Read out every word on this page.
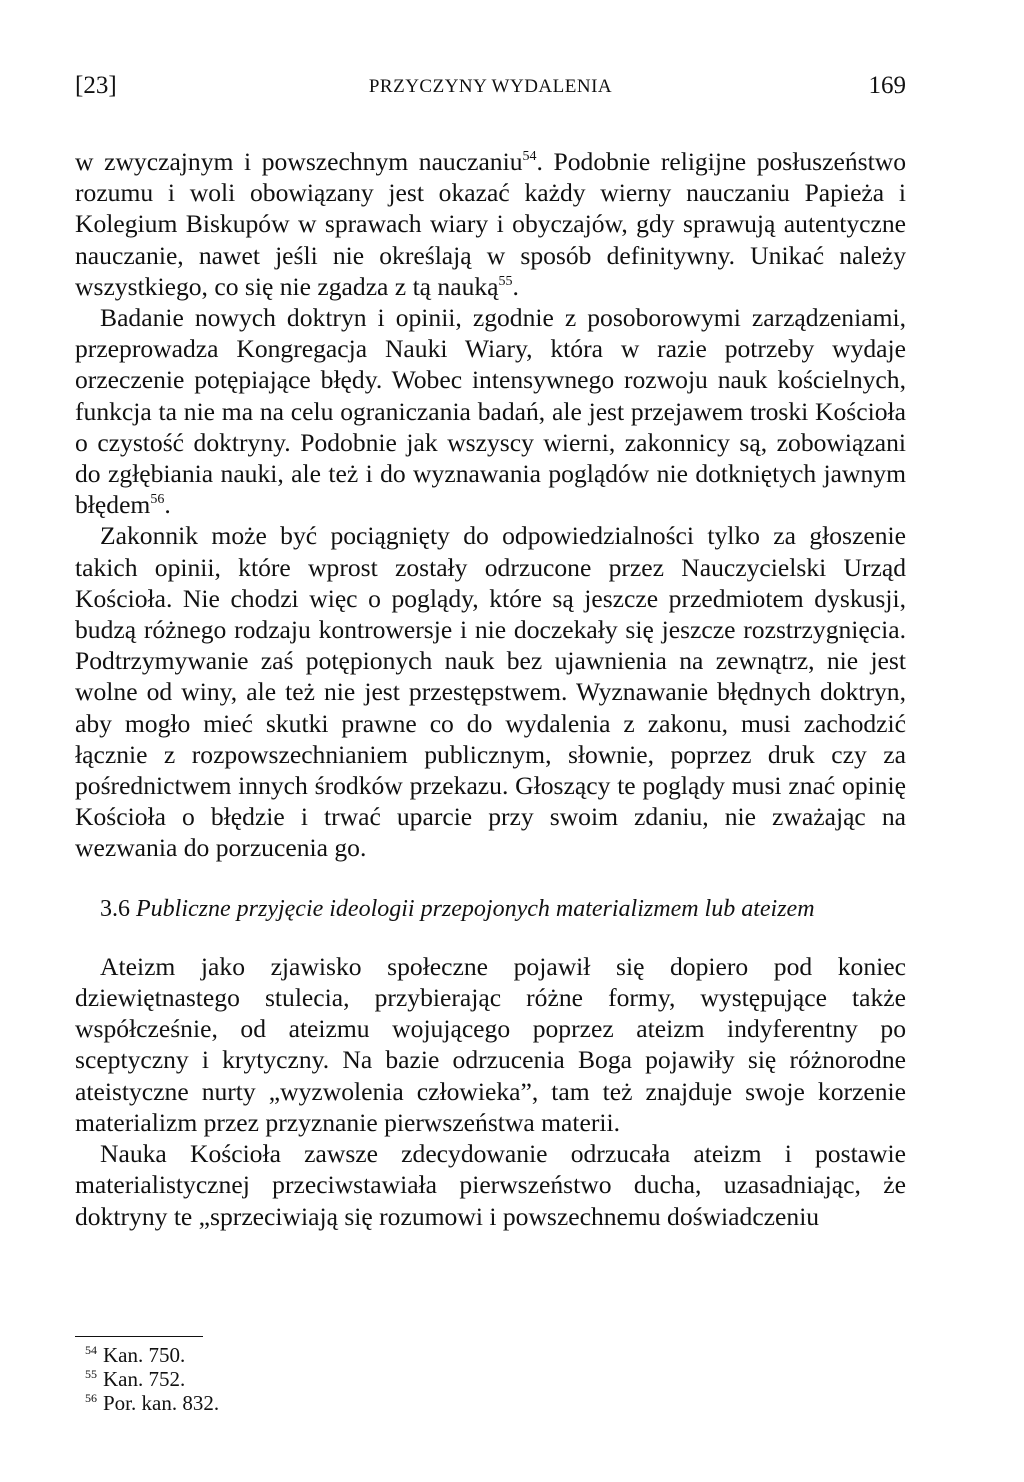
[23]	PRZYCZYNY WYDALENIA	169

w zwyczajnym i powszechnym nauczaniu$^{54}$. Podobnie religijne posłuszeństwo rozumu i woli obowiązany jest okazać każdy wierny nauczaniu Papieża i Kolegium Biskupów w sprawach wiary i obyczajów, gdy sprawują autentyczne nauczanie, nawet jeśli nie określają w sposób definitywny. Unikać należy wszystkiego, co się nie zgadza z tą nauką$^{55}$.

Badanie nowych doktryn i opinii, zgodnie z posoborowymi zarządzeniami, przeprowadza Kongregacja Nauki Wiary, która w razie potrzeby wydaje orzeczenie potępiające błędy. Wobec intensywnego rozwoju nauk kościelnych, funkcja ta nie ma na celu ograniczania badań, ale jest przejawem troski Kościoła o czystość doktryny. Podobnie jak wszyscy wierni, zakonnicy są, zobowiązani do zgłębiania nauki, ale też i do wyznawania poglądów nie dotkniętych jawnym błędem$^{56}$.

Zakonnik może być pociągnięty do odpowiedzialności tylko za głoszenie takich opinii, które wprost zostały odrzucone przez Nauczycielski Urząd Kościoła. Nie chodzi więc o poglądy, które są jeszcze przedmiotem dyskusji, budzą różnego rodzaju kontrowersje i nie doczekały się jeszcze rozstrzygnięcia. Podtrzymywanie zaś potępionych nauk bez ujawnienia na zewnątrz, nie jest wolne od winy, ale też nie jest przestępstwem. Wyznawanie błędnych doktryn, aby mogło mieć skutki prawne co do wydalenia z zakonu, musi zachodzić łącznie z rozpowszechnianiem publicznym, słownie, poprzez druk czy za pośrednictwem innych środków przekazu. Głoszący te poglądy musi znać opinię Kościoła o błędzie i trwać uparcie przy swoim zdaniu, nie zważając na wezwania do porzucenia go.

3.6 Publiczne przyjęcie ideologii przepojonych materializmem lub ateizem

Ateizm jako zjawisko społeczne pojawił się dopiero pod koniec dziewiętnastego stulecia, przybierając różne formy, występujące także współcześnie, od ateizmu wojującego poprzez ateizm indyferentny po sceptyczny i krytyczny. Na bazie odrzucenia Boga pojawiły się różnorodne ateistyczne nurty „wyzwolenia człowieka”, tam też znajduje swoje korzenie materializm przez przyznanie pierwszeństwa materii.

Nauka Kościoła zawsze zdecydowanie odrzucała ateizm i postawie materialistycznej przeciwstawiała pierwszeństwo ducha, uzasadniając, że doktryny te „sprzeciwiają się rozumowi i powszechnemu doświadczeniu

$^{54}$ Kan. 750.
$^{55}$ Kan. 752.
$^{56}$ Por. kan. 832.
